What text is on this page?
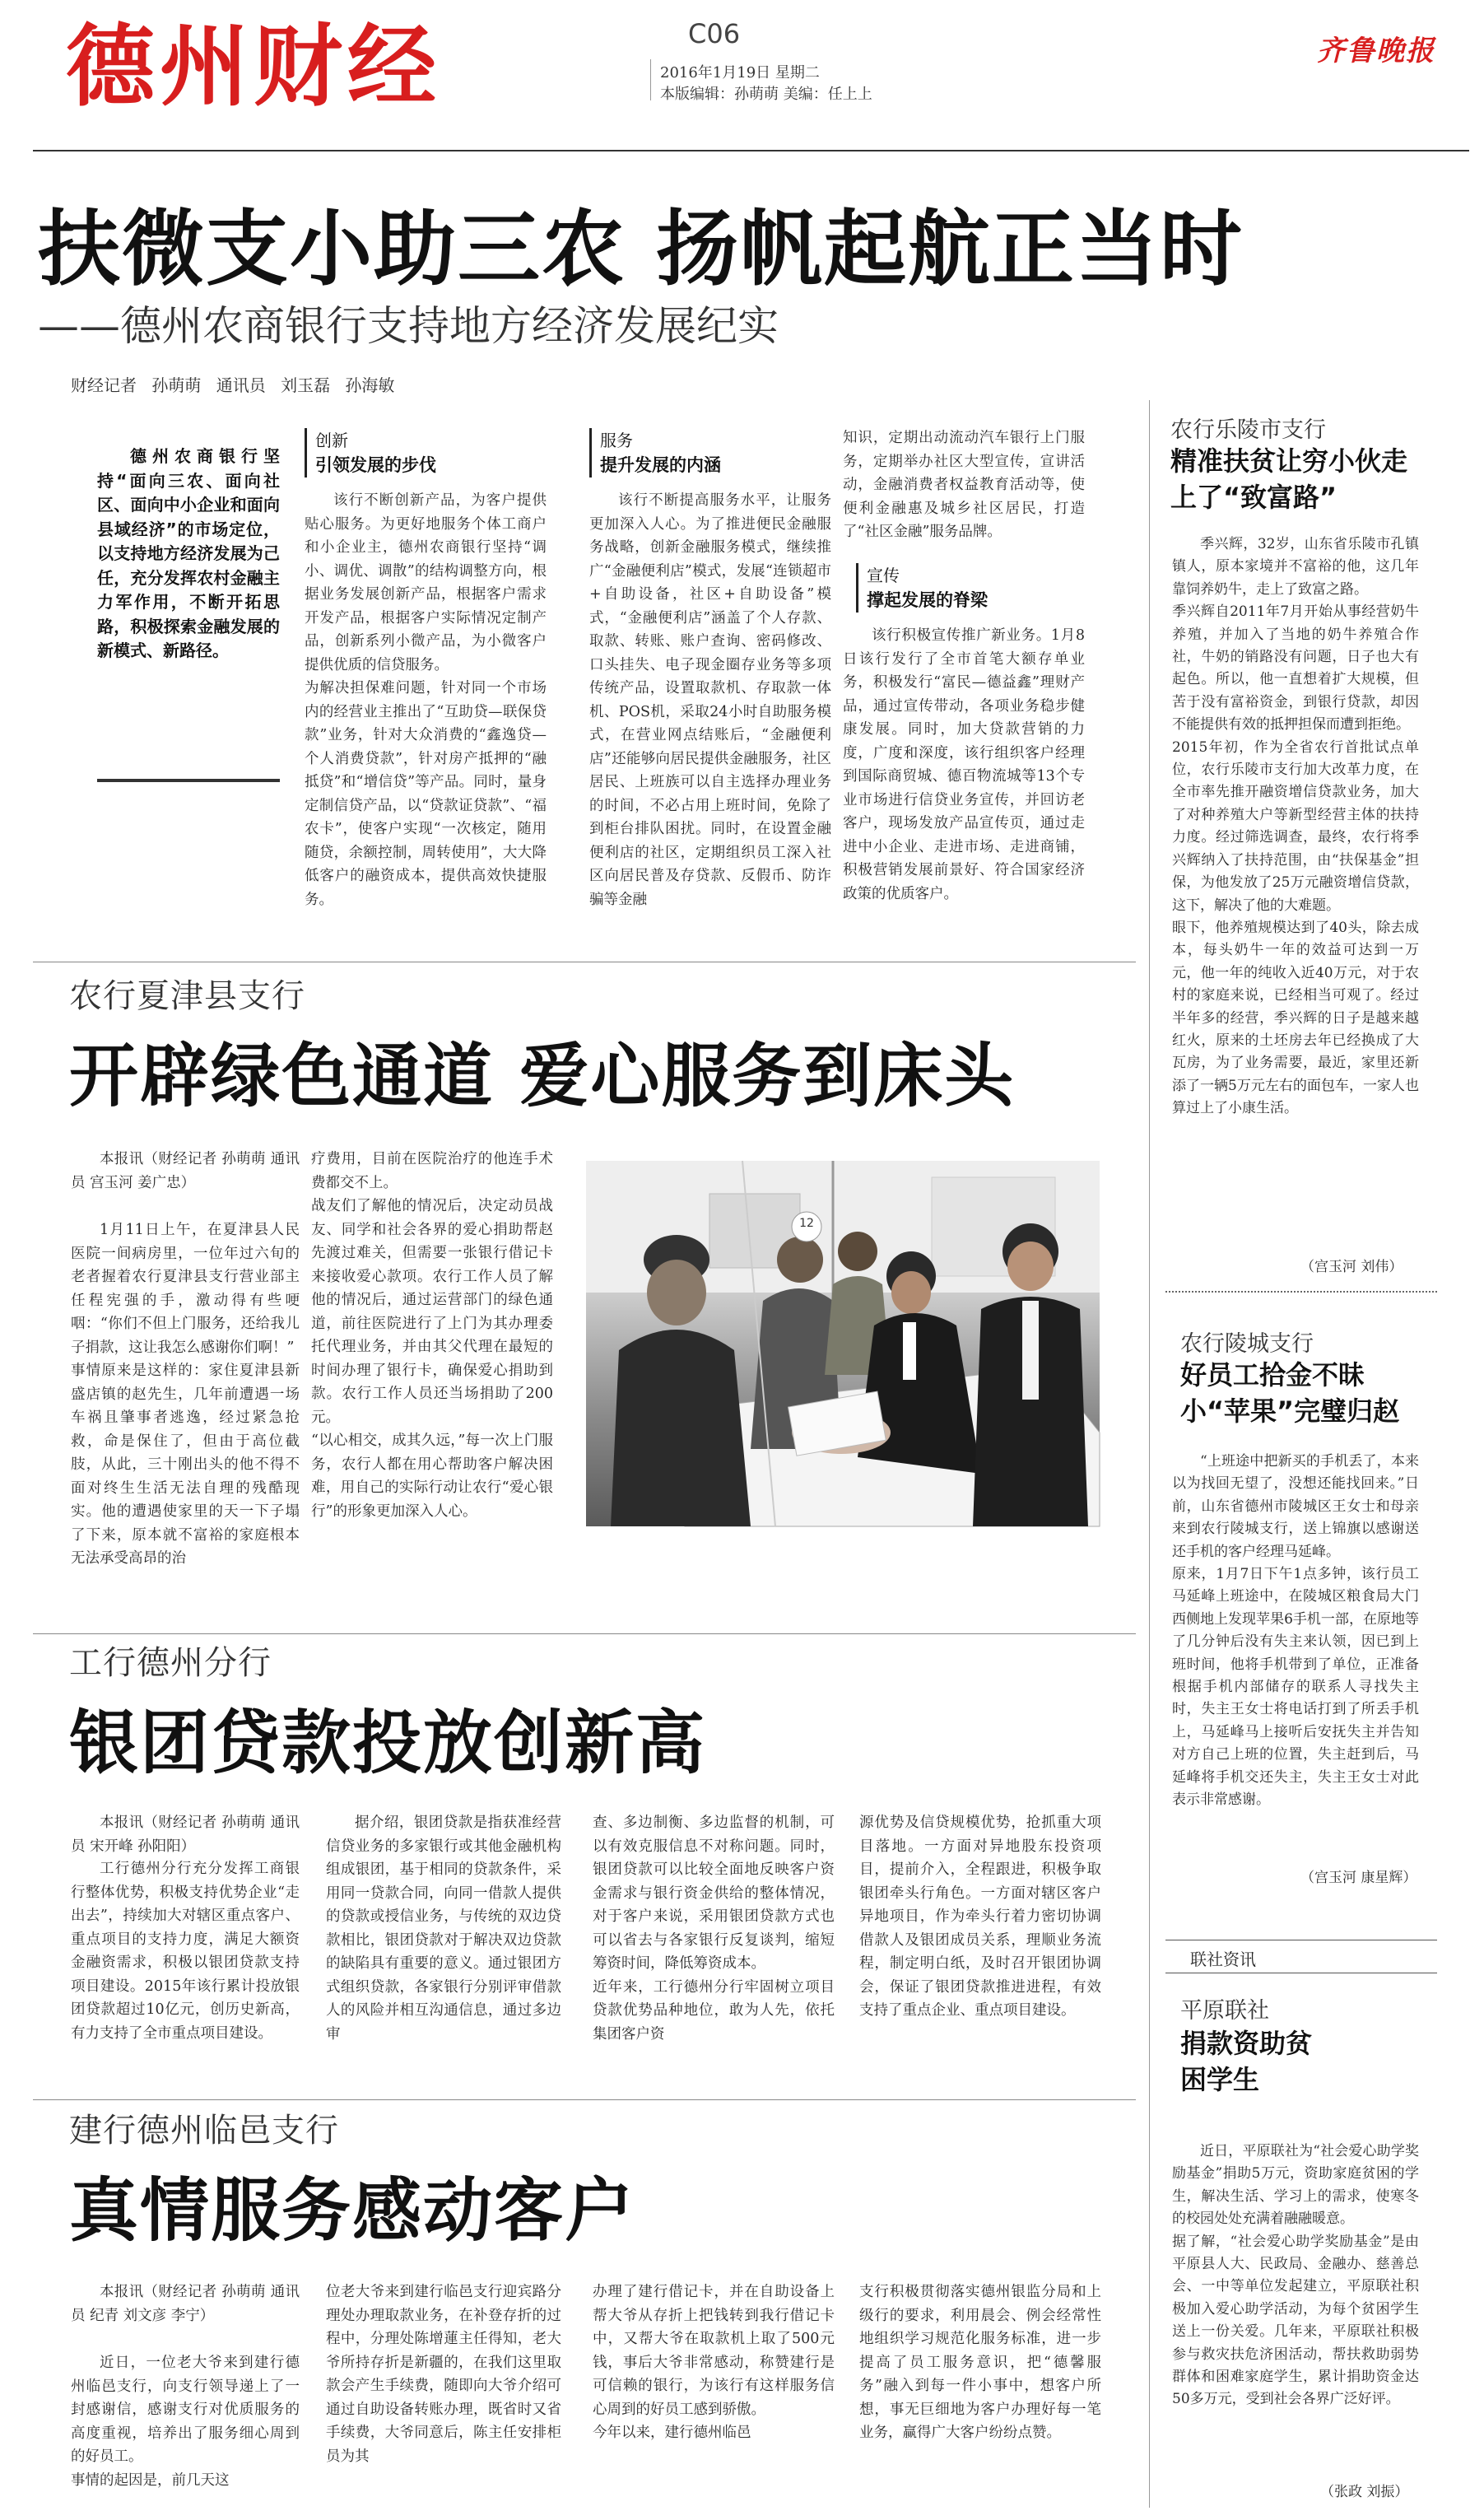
德州财经	C06
2016年1月19日 星期二
本版编辑：孙萌萌 美编：任上上
齐鲁晚报
扶微支小助三农 扬帆起航正当时
——德州农商银行支持地方经济发展纪实
财经记者 孙萌萌 通讯员 刘玉磊 孙海敏
德州农商银行坚持“面向三农、面向社区、面向中小企业和面向县域经济”的市场定位，以支持地方经济发展为己任，充分发挥农村金融主力军作用，不断开拓思路，积极探索金融发展的新模式、新路径。
创新
引领发展的步伐
该行不断创新产品，为客户提供贴心服务。为更好地服务个体工商户和小企业主，德州农商银行坚持“调小、调优、调散”的结构调整方向，根据业务发展创新产品，根据客户需求开发产品，根据客户实际情况定制产品，创新系列小微产品，为小微客户提供优质的信贷服务。
为解决担保难问题，针对同一个市场内的经营业主推出了“互助贷—联保贷款”业务，针对大众消费的“鑫逸贷—个人消费贷款”，针对房产抵押的“融抵贷”和“增信贷”等产品。同时，量身定制信贷产品，以“贷款证贷款”、“福农卡”，使客户实现“一次核定，随用随贷，余额控制，周转使用”，大大降低客户的融资成本，提供高效快捷服务。
服务
提升发展的内涵
该行不断提高服务水平，让服务更加深入人心。为了推进便民金融服务战略，创新金融服务模式，继续推广“金融便利店”模式，发展“连锁超市+自助设备，社区+自助设备”模式，“金融便利店”涵盖了个人存款、取款、转账、账户查询、密码修改、口头挂失、电子现金圈存业务等多项传统产品，设置取款机、存取款一体机、POS机，采取24小时自助服务模式，在营业网点结账后，“金融便利店”还能够向居民提供金融服务，社区居民、上班族可以自主选择办理业务的时间，不必占用上班时间，免除了到柜台排队困扰。同时，在设置金融便利店的社区，定期组织员工深入社区向居民普及存贷款、反假币、防诈骗等金融
知识，定期出动流动汽车银行上门服务，定期举办社区大型宣传，宣讲活动，金融消费者权益教育活动等，使便利金融惠及城乡社区居民，打造了“社区金融”服务品牌。
宣传
撑起发展的脊梁
该行积极宣传推广新业务。1月8日该行发行了全市首笔大额存单业务，积极发行“富民—德益鑫”理财产品，通过宣传带动，各项业务稳步健康发展。同时，加大贷款营销的力度，广度和深度，该行组织客户经理到国际商贸城、德百物流城等13个专业市场进行信贷业务宣传，并回访老客户，现场发放产品宣传页，通过走进中小企业、走进市场、走进商铺，积极营销发展前景好、符合国家经济政策的优质客户。
农行夏津县支行
开辟绿色通道 爱心服务到床头
本报讯（财经记者 孙萌萌 通讯员 宫玉河 姜广忠）
1月11日上午，在夏津县人民医院一间病房里，一位年过六旬的老者握着农行夏津县支行营业部主任程宪强的手，激动得有些哽咽：“你们不但上门服务，还给我儿子捐款，这让我怎么感谢你们啊！”
事情原来是这样的：家住夏津县新盛店镇的赵先生，几年前遭遇一场车祸且肇事者逃逸，经过紧急抢救，命是保住了，但由于高位截肢，从此，三十刚出头的他不得不面对终生生活无法自理的残酷现实。他的遭遇使家里的天一下子塌了下来，原本就不富裕的家庭根本无法承受高昂的治
疗费用，目前在医院治疗的他连手术费都交不上。
战友们了解他的情况后，决定动员战友、同学和社会各界的爱心捐助帮赵先渡过难关，但需要一张银行借记卡来接收爱心款项。农行工作人员了解他的情况后，通过运营部门的绿色通道，前往医院进行了上门为其办理委托代理业务，并由其父代理在最短的时间办理了银行卡，确保爱心捐助到款。农行工作人员还当场捐助了200元。
“以心相交，成其久远，”每一次上门服务，农行人都在用心帮助客户解决困难，用自己的实际行动让农行“爱心银行”的形象更加深入人心。
12
工行德州分行
银团贷款投放创新高
本报讯（财经记者 孙萌萌 通讯员 宋开峰 孙阳阳）
工行德州分行充分发挥工商银行整体优势，积极支持优势企业“走出去”，持续加大对辖区重点客户、重点项目的支持力度，满足大额资金融资需求，积极以银团贷款支持项目建设。2015年该行累计投放银团贷款超过10亿元，创历史新高，有力支持了全市重点项目建设。
据介绍，银团贷款是指获准经营信贷业务的多家银行或其他金融机构组成银团，基于相同的贷款条件，采用同一贷款合同，向同一借款人提供的贷款或授信业务，与传统的双边贷款相比，银团贷款对于解决双边贷款的缺陷具有重要的意义。通过银团方式组织贷款，各家银行分别评审借款人的风险并相互沟通信息，通过多边审
查、多边制衡、多边监督的机制，可以有效克服信息不对称问题。同时，银团贷款可以比较全面地反映客户资金需求与银行资金供给的整体情况，对于客户来说，采用银团贷款方式也可以省去与各家银行反复谈判，缩短筹资时间，降低筹资成本。
近年来，工行德州分行牢固树立项目贷款优势品种地位，敢为人先，依托集团客户资
源优势及信贷规模优势，抢抓重大项目落地。一方面对异地股东投资项目，提前介入，全程跟进，积极争取银团牵头行角色。一方面对辖区客户异地项目，作为牵头行着力密切协调借款人及银团成员关系，理顺业务流程，制定明白纸，及时召开银团协调会，保证了银团贷款推进进程，有效支持了重点企业、重点项目建设。
建行德州临邑支行
真情服务感动客户
本报讯（财经记者 孙萌萌 通讯员 纪青 刘文彦 李宁）
近日，一位老大爷来到建行德州临邑支行，向支行领导递上了一封感谢信，感谢支行对优质服务的高度重视，培养出了服务细心周到的好员工。
事情的起因是，前几天这
位老大爷来到建行临邑支行迎宾路分理处办理取款业务，在补登存折的过程中，分理处陈增蓮主任得知，老大爷所持存折是新疆的，在我们这里取款会产生手续费，随即向大爷介绍可通过自助设备转账办理，既省时又省手续费，大爷同意后，陈主任安排柜员为其
办理了建行借记卡，并在自助设备上帮大爷从存折上把钱转到我行借记卡中，又帮大爷在取款机上取了500元钱，事后大爷非常感动，称赞建行是可信赖的银行，为该行有这样服务信心周到的好员工感到骄傲。
今年以来，建行德州临邑
支行积极贯彻落实德州银监分局和上级行的要求，利用晨会、例会经常性地组织学习规范化服务标准，进一步提高了员工服务意识，把“德馨服务”融入到每一件小事中，想客户所想，事无巨细地为客户办理好每一笔业务，赢得广大客户纷纷点赞。
农行乐陵市支行
精准扶贫让穷小伙走上了“致富路”
季兴辉，32岁，山东省乐陵市孔镇镇人，原本家境并不富裕的他，这几年靠饲养奶牛，走上了致富之路。
季兴辉自2011年7月开始从事经营奶牛养殖，并加入了当地的奶牛养殖合作社，牛奶的销路没有问题，日子也大有起色。所以，他一直想着扩大规模，但苦于没有富裕资金，到银行贷款，却因不能提供有效的抵押担保而遭到拒绝。
2015年初，作为全省农行首批试点单位，农行乐陵市支行加大改革力度，在全市率先推开融资增信贷款业务，加大了对种养殖大户等新型经营主体的扶持力度。经过筛选调查，最终，农行将季兴辉纳入了扶持范围，由“扶保基金”担保，为他发放了25万元融资增信贷款，这下，解决了他的大难题。
眼下，他养殖规模达到了40头，除去成本，每头奶牛一年的效益可达到一万元，他一年的纯收入近40万元，对于农村的家庭来说，已经相当可观了。经过半年多的经营，季兴辉的日子是越来越红火，原来的土坯房去年已经换成了大瓦房，为了业务需要，最近，家里还新添了一辆5万元左右的面包车，一家人也算过上了小康生活。
（宫玉河 刘伟）
农行陵城支行
好员工拾金不昧小“苹果”完璧归赵
“上班途中把新买的手机丢了，本来以为找回无望了，没想还能找回来。”日前，山东省德州市陵城区王女士和母亲来到农行陵城支行，送上锦旗以感谢送还手机的客户经理马延峰。
原来，1月7日下午1点多钟，该行员工马延峰上班途中，在陵城区粮食局大门西侧地上发现苹果6手机一部，在原地等了几分钟后没有失主来认领，因已到上班时间，他将手机带到了单位，正准备根据手机内部储存的联系人寻找失主时，失主王女士将电话打到了所丢手机上，马延峰马上接听后安抚失主并告知对方自己上班的位置，失主赶到后，马延峰将手机交还失主，失主王女士对此表示非常感谢。
（宫玉河 康星辉）
联社资讯
平原联社
捐款资助贫困学生
近日，平原联社为“社会爱心助学奖励基金”捐助5万元，资助家庭贫困的学生，解决生活、学习上的需求，使寒冬的校园处处充满着融融暖意。
据了解，“社会爱心助学奖励基金”是由平原县人大、民政局、金融办、慈善总会、一中等单位发起建立，平原联社积极加入爱心助学活动，为每个贫困学生送上一份关爱。几年来，平原联社积极参与救灾扶危济困活动，帮扶救助弱势群体和困难家庭学生，累计捐助资金达50多万元，受到社会各界广泛好评。
（张政 刘振）
